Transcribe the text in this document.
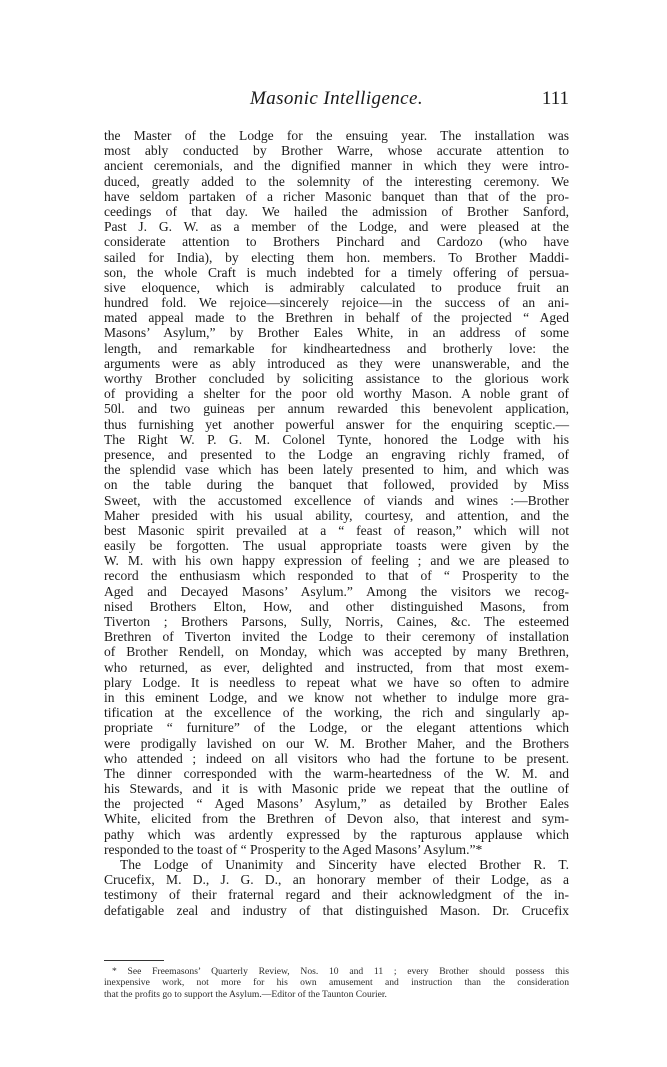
Masonic Intelligence.	111
the Master of the Lodge for the ensuing year. The installation was
most ably conducted by Brother Warre, whose accurate attention to
ancient ceremonials, and the dignified manner in which they were intro-
duced, greatly added to the solemnity of the interesting ceremony. We
have seldom partaken of a richer Masonic banquet than that of the pro-
ceedings of that day. We hailed the admission of Brother Sanford,
Past J. G. W. as a member of the Lodge, and were pleased at the
considerate attention to Brothers Pinchard and Cardozo (who have
sailed for India), by electing them hon. members. To Brother Maddi-
son, the whole Craft is much indebted for a timely offering of persua-
sive eloquence, which is admirably calculated to produce fruit an
hundred fold. We rejoice—sincerely rejoice—in the success of an ani-
mated appeal made to the Brethren in behalf of the projected “ Aged
Masons’ Asylum,” by Brother Eales White, in an address of some
length, and remarkable for kindheartedness and brotherly love: the
arguments were as ably introduced as they were unanswerable, and the
worthy Brother concluded by soliciting assistance to the glorious work
of providing a shelter for the poor old worthy Mason. A noble grant of
50l. and two guineas per annum rewarded this benevolent application,
thus furnishing yet another powerful answer for the enquiring sceptic.—
The Right W. P. G. M. Colonel Tynte, honored the Lodge with his
presence, and presented to the Lodge an engraving richly framed, of
the splendid vase which has been lately presented to him, and which was
on the table during the banquet that followed, provided by Miss
Sweet, with the accustomed excellence of viands and wines :—Brother
Maher presided with his usual ability, courtesy, and attention, and the
best Masonic spirit prevailed at a “ feast of reason,” which will not
easily be forgotten. The usual appropriate toasts were given by the
W. M. with his own happy expression of feeling ; and we are pleased to
record the enthusiasm which responded to that of “ Prosperity to the
Aged and Decayed Masons’ Asylum.” Among the visitors we recog-
nised Brothers Elton, How, and other distinguished Masons, from
Tiverton ; Brothers Parsons, Sully, Norris, Caines, &c. The esteemed
Brethren of Tiverton invited the Lodge to their ceremony of installation
of Brother Rendell, on Monday, which was accepted by many Brethren,
who returned, as ever, delighted and instructed, from that most exem-
plary Lodge. It is needless to repeat what we have so often to admire
in this eminent Lodge, and we know not whether to indulge more gra-
tification at the excellence of the working, the rich and singularly ap-
propriate “ furniture” of the Lodge, or the elegant attentions which
were prodigally lavished on our W. M. Brother Maher, and the Brothers
who attended ; indeed on all visitors who had the fortune to be present.
The dinner corresponded with the warm-heartedness of the W. M. and
his Stewards, and it is with Masonic pride we repeat that the outline of
the projected “ Aged Masons’ Asylum,” as detailed by Brother Eales
White, elicited from the Brethren of Devon also, that interest and sym-
pathy which was ardently expressed by the rapturous applause which
responded to the toast of “ Prosperity to the Aged Masons’ Asylum.”*
The Lodge of Unanimity and Sincerity have elected Brother R. T.
Crucefix, M. D., J. G. D., an honorary member of their Lodge, as a
testimony of their fraternal regard and their acknowledgment of the in-
defatigable zeal and industry of that distinguished Mason. Dr. Crucefix
* See Freemasons’ Quarterly Review, Nos. 10 and 11 ; every Brother should possess this
inexpensive work, not more for his own amusement and instruction than the consideration
that the profits go to support the Asylum.—Editor of the Taunton Courier.
